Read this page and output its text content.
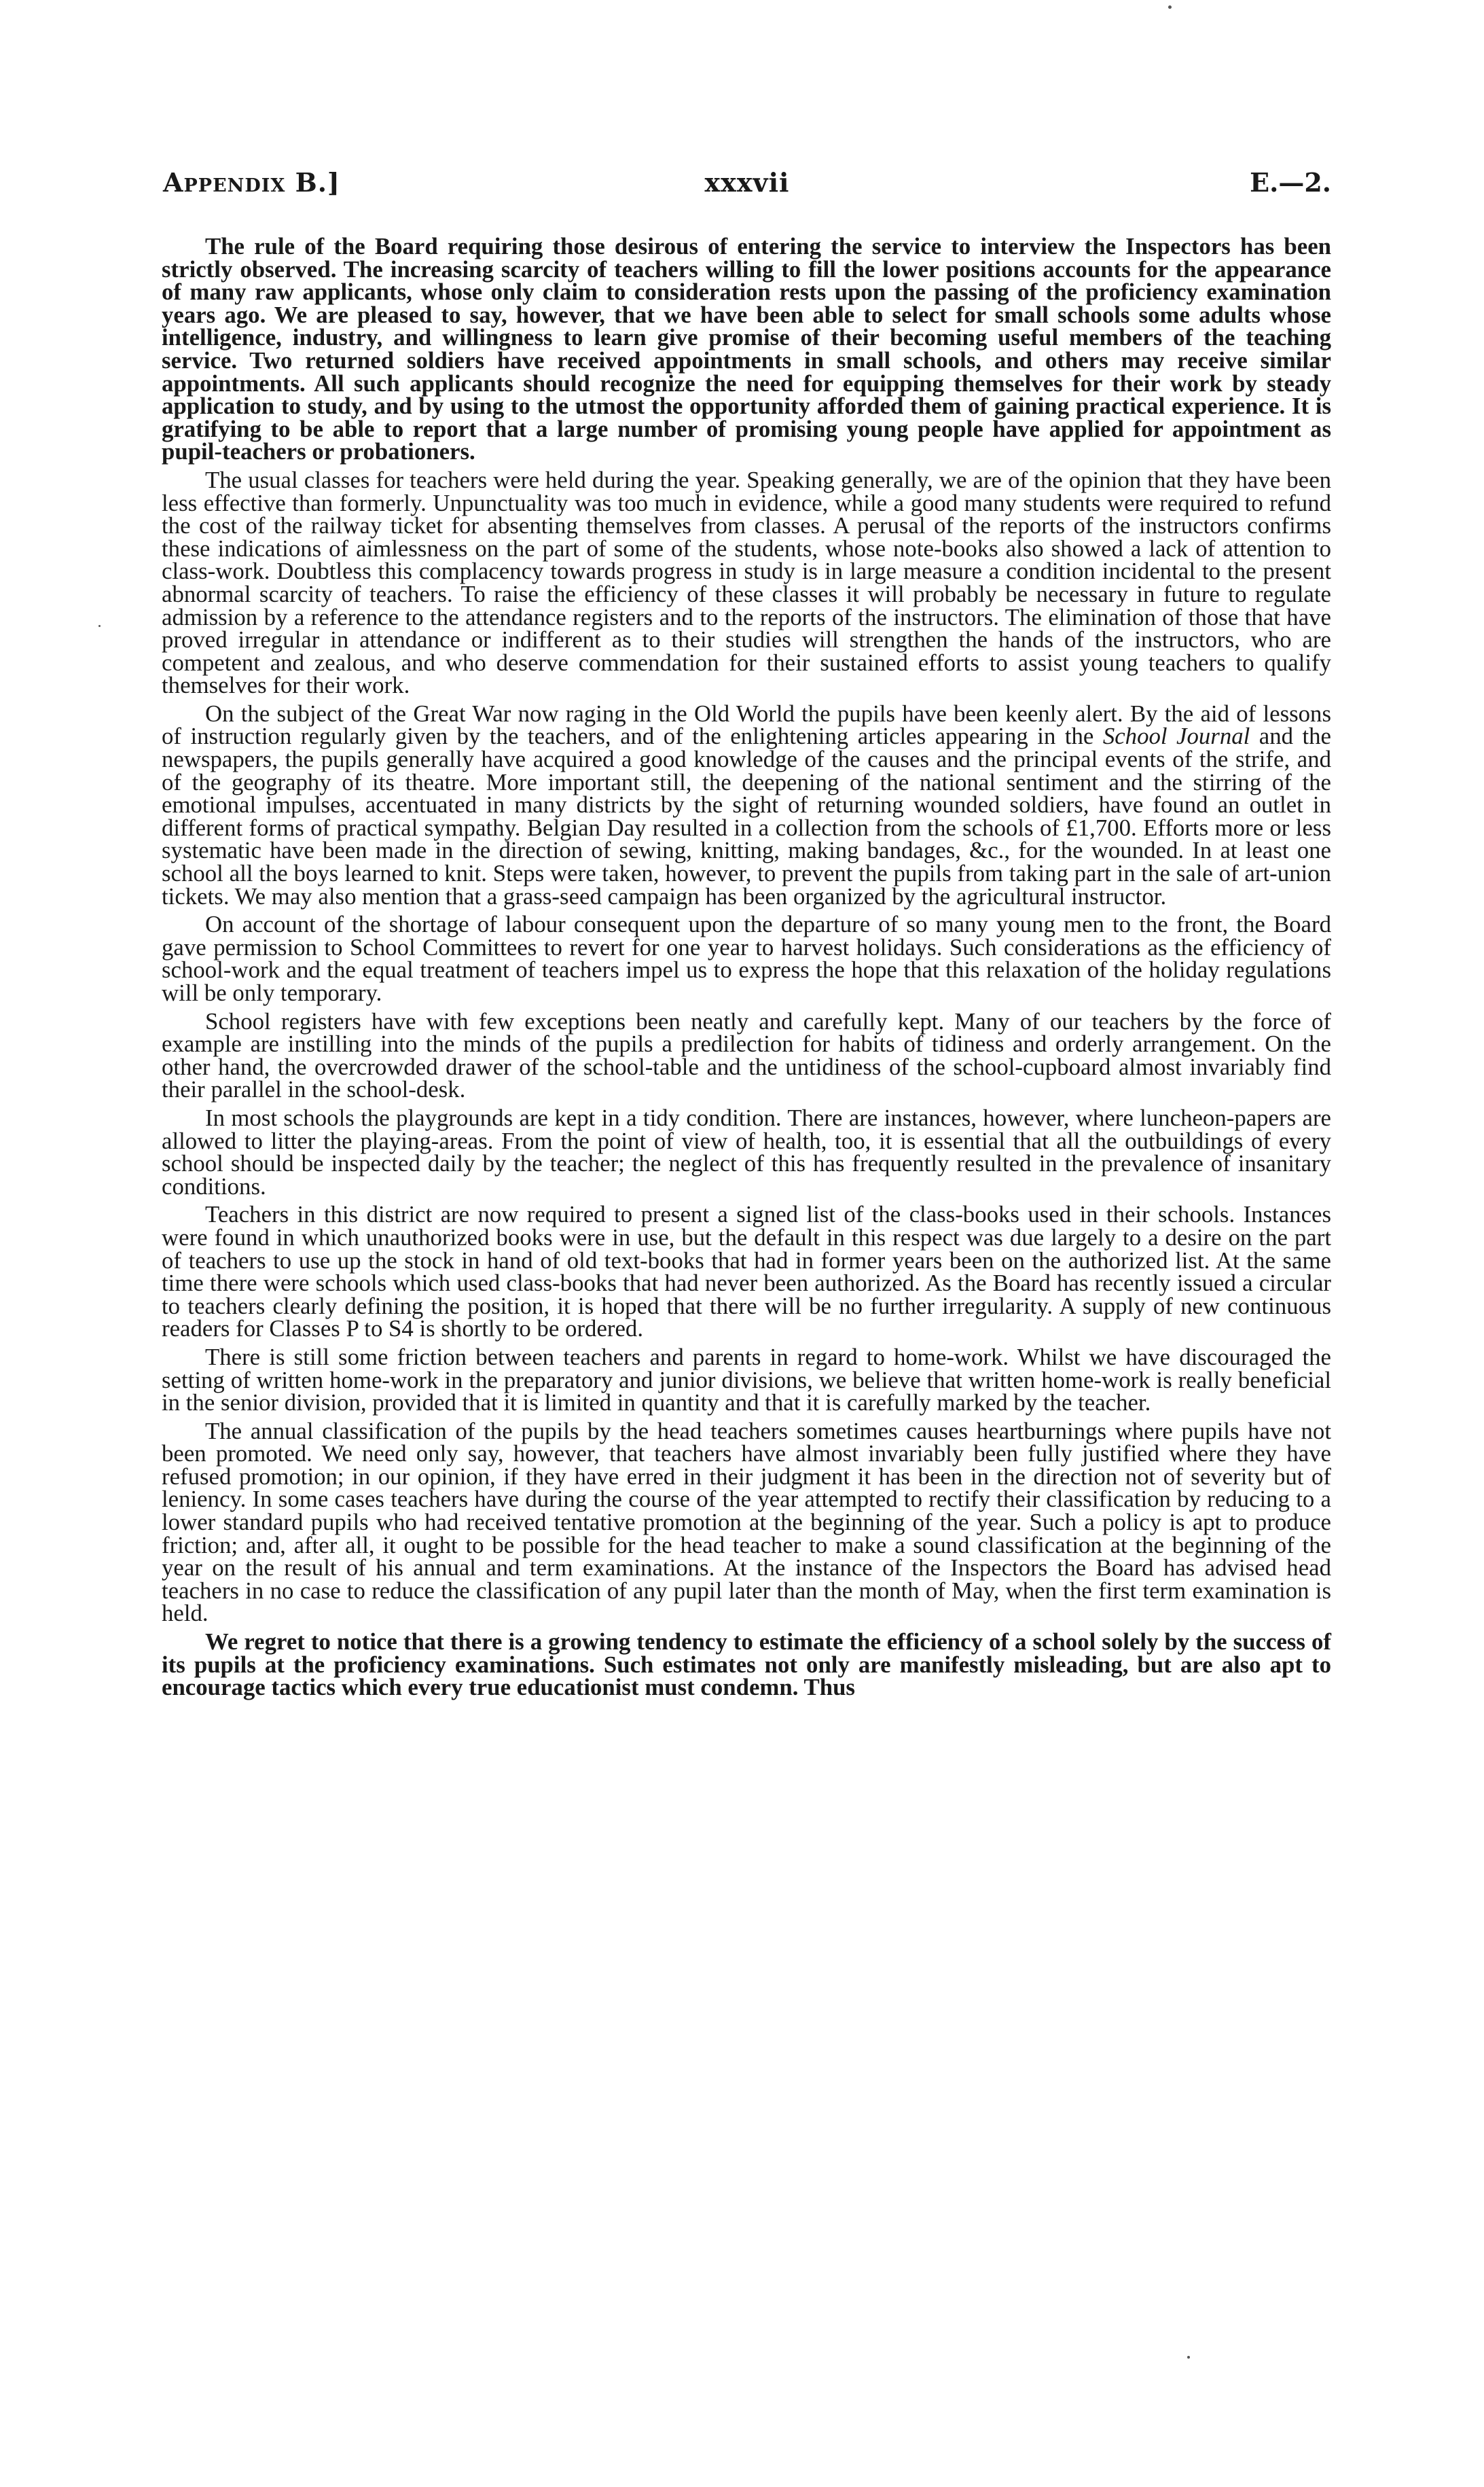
Appendix B.]	xxxvii	E.—2.

The rule of the Board requiring those desirous of entering the service to interview the Inspectors has been strictly observed. The increasing scarcity of teachers willing to fill the lower positions accounts for the appearance of many raw applicants, whose only claim to consideration rests upon the passing of the proficiency examination years ago. We are pleased to say, however, that we have been able to select for small schools some adults whose intelligence, industry, and willingness to learn give promise of their becoming useful members of the teaching service. Two returned soldiers have received appointments in small schools, and others may receive similar appointments. All such applicants should recognize the need for equipping themselves for their work by steady application to study, and by using to the utmost the opportunity afforded them of gaining practical experience. It is gratifying to be able to report that a large number of promising young people have applied for appointment as pupil-teachers or probationers.

The usual classes for teachers were held during the year. Speaking generally, we are of the opinion that they have been less effective than formerly. Unpunctuality was too much in evidence, while a good many students were required to refund the cost of the railway ticket for absenting themselves from classes. A perusal of the reports of the instructors confirms these indications of aimlessness on the part of some of the students, whose note-books also showed a lack of attention to class-work. Doubtless this complacency towards progress in study is in large measure a condition incidental to the present abnormal scarcity of teachers. To raise the efficiency of these classes it will probably be necessary in future to regulate admission by a reference to the attendance registers and to the reports of the instructors. The elimination of those that have proved irregular in attendance or indifferent as to their studies will strengthen the hands of the instructors, who are competent and zealous, and who deserve commendation for their sustained efforts to assist young teachers to qualify themselves for their work.

On the subject of the Great War now raging in the Old World the pupils have been keenly alert. By the aid of lessons of instruction regularly given by the teachers, and of the enlightening articles appearing in the School Journal and the newspapers, the pupils generally have acquired a good knowledge of the causes and the principal events of the strife, and of the geography of its theatre. More important still, the deepening of the national sentiment and the stirring of the emotional impulses, accentuated in many districts by the sight of returning wounded soldiers, have found an outlet in different forms of practical sympathy. Belgian Day resulted in a collection from the schools of £1,700. Efforts more or less systematic have been made in the direction of sewing, knitting, making bandages, &c., for the wounded. In at least one school all the boys learned to knit. Steps were taken, however, to prevent the pupils from taking part in the sale of art-union tickets. We may also mention that a grass-seed campaign has been organized by the agricultural instructor.

On account of the shortage of labour consequent upon the departure of so many young men to the front, the Board gave permission to School Committees to revert for one year to harvest holidays. Such considerations as the efficiency of school-work and the equal treatment of teachers impel us to express the hope that this relaxation of the holiday regulations will be only temporary.

School registers have with few exceptions been neatly and carefully kept. Many of our teachers by the force of example are instilling into the minds of the pupils a predilection for habits of tidiness and orderly arrangement. On the other hand, the overcrowded drawer of the school-table and the untidiness of the school-cupboard almost invariably find their parallel in the school-desk.

In most schools the playgrounds are kept in a tidy condition. There are instances, however, where luncheon-papers are allowed to litter the playing-areas. From the point of view of health, too, it is essential that all the outbuildings of every school should be inspected daily by the teacher; the neglect of this has frequently resulted in the prevalence of insanitary conditions.

Teachers in this district are now required to present a signed list of the class-books used in their schools. Instances were found in which unauthorized books were in use, but the default in this respect was due largely to a desire on the part of teachers to use up the stock in hand of old text-books that had in former years been on the authorized list. At the same time there were schools which used class-books that had never been authorized. As the Board has recently issued a circular to teachers clearly defining the position, it is hoped that there will be no further irregularity. A supply of new continuous readers for Classes P to S4 is shortly to be ordered.

There is still some friction between teachers and parents in regard to home-work. Whilst we have discouraged the setting of written home-work in the preparatory and junior divisions, we believe that written home-work is really beneficial in the senior division, provided that it is limited in quantity and that it is carefully marked by the teacher.

The annual classification of the pupils by the head teachers sometimes causes heartburnings where pupils have not been promoted. We need only say, however, that teachers have almost invariably been fully justified where they have refused promotion; in our opinion, if they have erred in their judgment it has been in the direction not of severity but of leniency. In some cases teachers have during the course of the year attempted to rectify their classification by reducing to a lower standard pupils who had received tentative promotion at the beginning of the year. Such a policy is apt to produce friction; and, after all, it ought to be possible for the head teacher to make a sound classification at the beginning of the year on the result of his annual and term examinations. At the instance of the Inspectors the Board has advised head teachers in no case to reduce the classification of any pupil later than the month of May, when the first term examination is held.

We regret to notice that there is a growing tendency to estimate the efficiency of a school solely by the success of its pupils at the proficiency examinations. Such estimates not only are manifestly misleading, but are also apt to encourage tactics which every true educationist must condemn. Thus
